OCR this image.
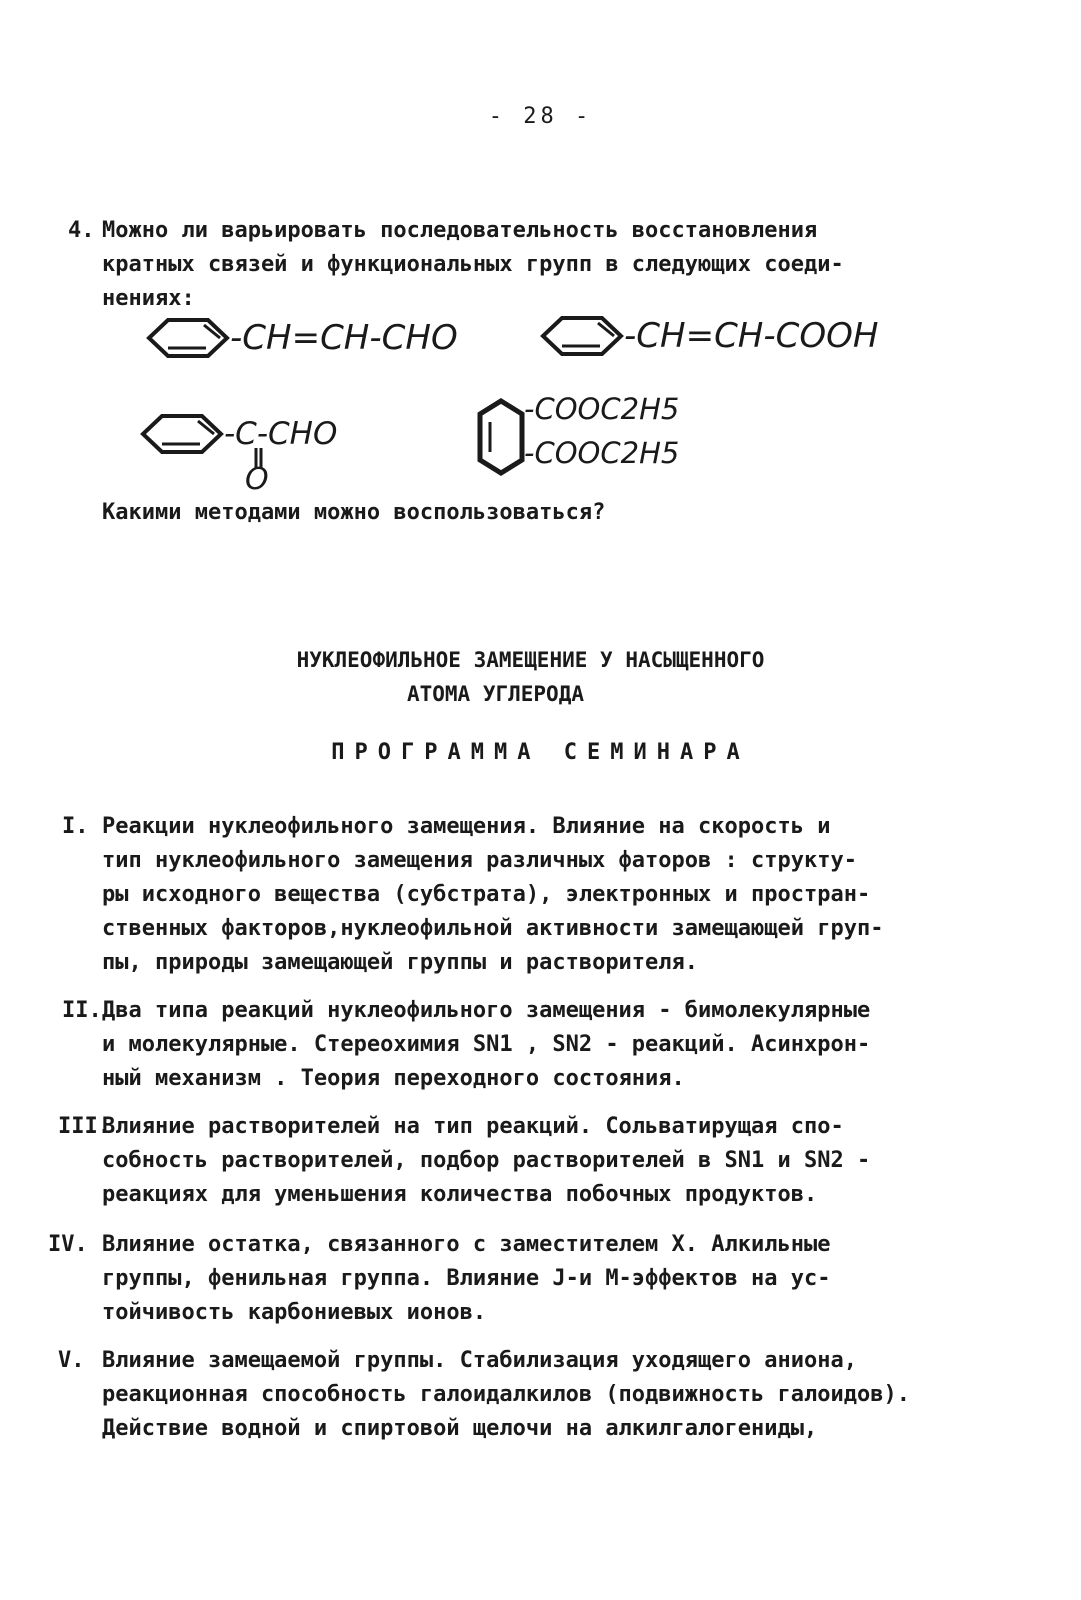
- 28 -
4. Можно ли варьировать последовательность восстановления
кратных связей и функциональных групп в следующих соеди-
нениях:
-CH=CH-CHO	-CH=CH-COOH
-C-CHO
O
-COOC2H5
-COOC2H5
Какими методами можно воспользоваться?
НУКЛЕОФИЛЬНОЕ ЗАМЕЩЕНИЕ У НАСЫЩЕННОГО
АТОМА УГЛЕРОДА
ПРОГРАММА СЕМИНАРА
I. Реакции нуклеофильного замещения. Влияние на скорость и
тип нуклеофильного замещения различных фаторов : структу-
ры исходного вещества (субстрата), электронных и простран-
ственных факторов,нуклеофильной активности замещающей груп-
пы, природы замещающей группы и растворителя.
II. Два типа реакций нуклеофильного замещения - бимолекулярные
и молекулярные. Стереохимия SN1 , SN2 - реакций. Асинхрон-
ный механизм . Теория переходного состояния.
III.
Влияние растворителей на тип реакций. Сольватирущая спо-
собность растворителей, подбор растворителей в SN1 и SN2 -
реакциях для уменьшения количества побочных продуктов.
IV. Влияние остатка, связанного с заместителем X. Алкильные
группы, фенильная группа. Влияние J-и M-эффектов на ус-
тойчивость карбониевых ионов.
V. Влияние замещаемой группы. Стабилизация уходящего аниона,
реакционная способность галоидалкилов (подвижность галоидов).
Действие водной и спиртовой щелочи на алкилгалогениды,
